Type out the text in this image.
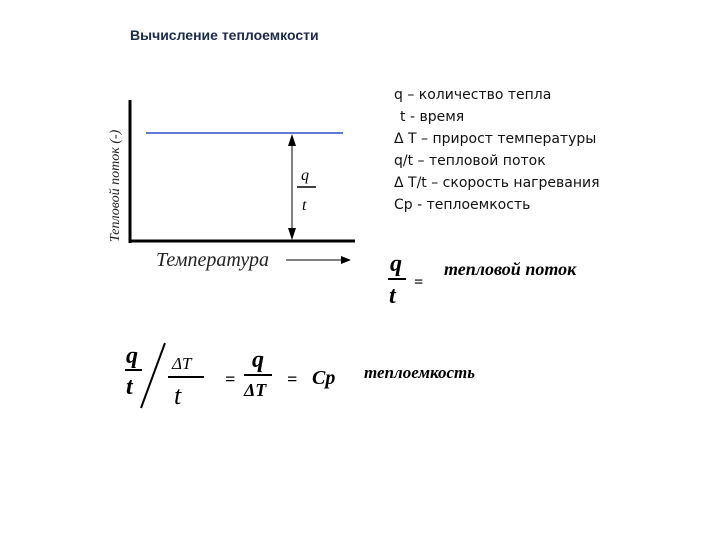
Вычисление теплоемкости
q – количество тепла
t - время
Δ T – прирост температуры
q/t – тепловой поток
Δ T/t – скорость нагревания
Cp - теплоемкость
Тепловой поток (-)
Температура
q
t
q
t
=
тепловой поток
q
t
ΔT
t
=
q
ΔT
= Cp теплоемкость
